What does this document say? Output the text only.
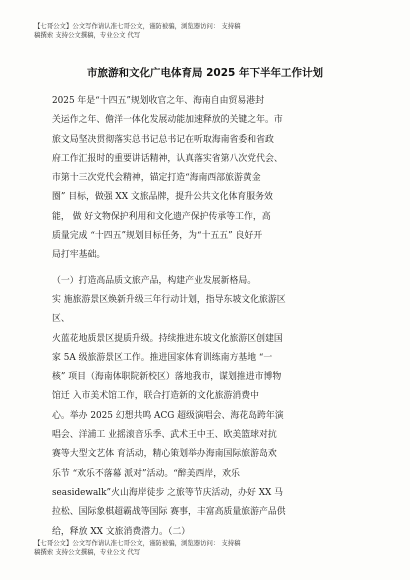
【七哥公文】公文写作请认准七哥公文，谨防被骗，浏览器访问： 支持稿
稿撰索 支持公文撰稿，专业公文 代写
市旅游和文化广电体育局 2025 年下半年工作计划
2025 年是“十四五”规划收官之年、海南自由贸易港封
关运作之年、儋洋一体化发展动能加速释放的关键之年。市
旅文局坚决贯彻落实总书记总书记在听取海南省委和省政
府工作汇报时的重要讲话精神，认真落实省第八次党代会、
市第十三次党代会精神，锚定打造“海南西部旅游黄金
圈” 目标，做强 XX 文旅品牌，提升公共文化体育服务效
能， 做 好文物保护利用和文化遗产保护传承等工作，高
质量完成 “十四五”规划目标任务，为“十五五” 良好开
局打牢基础。
（一）打造高品质文旅产品，构建产业发展新格局。
实 施旅游景区焕新升级三年行动计划，指导东坡文化旅游区
区、
火蓝花地质景区提质升级。持续推进东坡文化旅游区创建国
家 5A 级旅游景区工作。推进国家体育训练南方基地 “一
核” 项目（海南体职院新校区）落地我市，谋划推进市博物
馆迁 入市美术馆工作，联合打造新的文化旅游消费中
心。举办 2025 幻想共鸣 ACG 超级演唱会、海花岛跨年演
唱会、洋浦工 业摇滚音乐季、武术王中王、欧美篮球对抗
赛等大型文艺体 育活动，精心策划举办海南国际旅游岛欢
乐节 “欢乐不落幕 派对”活动。“醉美西岸，欢乐
seasidewalk”火山海岸徒步 之旅等节庆活动，办好 XX 马
拉松、国际象棋超霸战等国际 赛事，丰富高质量旅游产品供
给，释放 XX 文旅消费潜力。（二）
【七哥公文】公文写作请认准七哥公文，谨防被骗，浏览器访问： 支持稿
稿撰索 支持公文撰稿，专业公文 代写
